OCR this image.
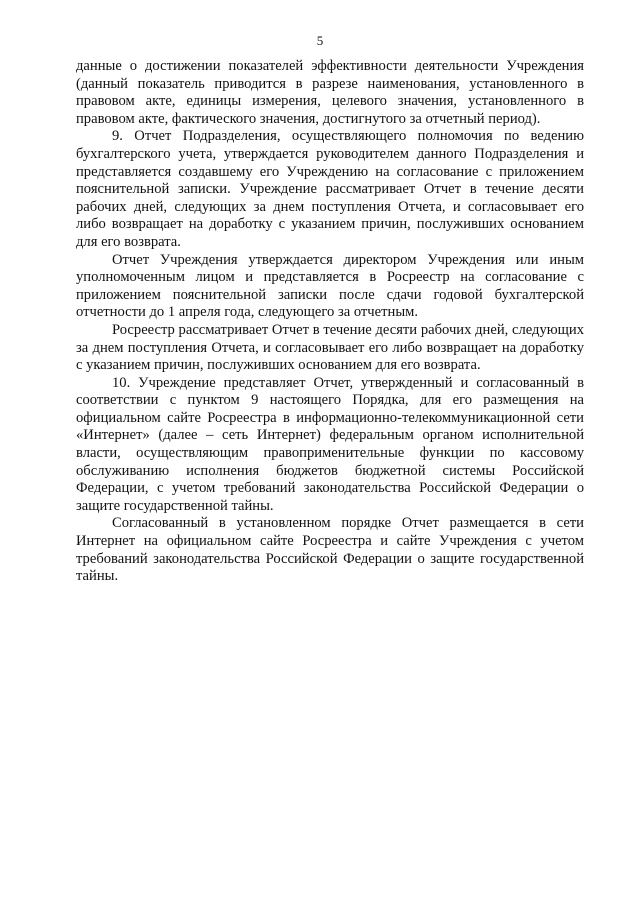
5

данные о достижении показателей эффективности деятельности Учреждения (данный показатель приводится в разрезе наименования, установленного в правовом акте, единицы измерения, целевого значения, установленного в правовом акте, фактического значения, достигнутого за отчетный период).

9. Отчет Подразделения, осуществляющего полномочия по ведению бухгалтерского учета, утверждается руководителем данного Подразделения и представляется создавшему его Учреждению на согласование с приложением пояснительной записки. Учреждение рассматривает Отчет в течение десяти рабочих дней, следующих за днем поступления Отчета, и согласовывает его либо возвращает на доработку с указанием причин, послуживших основанием для его возврата.

Отчет Учреждения утверждается директором Учреждения или иным уполномоченным лицом и представляется в Росреестр на согласование с приложением пояснительной записки после сдачи годовой бухгалтерской отчетности до 1 апреля года, следующего за отчетным.

Росреестр рассматривает Отчет в течение десяти рабочих дней, следующих за днем поступления Отчета, и согласовывает его либо возвращает на доработку с указанием причин, послуживших основанием для его возврата.

10. Учреждение представляет Отчет, утвержденный и согласованный в соответствии с пунктом 9 настоящего Порядка, для его размещения на официальном сайте Росреестра в информационно-телекоммуникационной сети «Интернет» (далее – сеть Интернет) федеральным органом исполнительной власти, осуществляющим правоприменительные функции по кассовому обслуживанию исполнения бюджетов бюджетной системы Российской Федерации, с учетом требований законодательства Российской Федерации о защите государственной тайны.

Согласованный в установленном порядке Отчет размещается в сети Интернет на официальном сайте Росреестра и сайте Учреждения с учетом требований законодательства Российской Федерации о защите государственной тайны.
